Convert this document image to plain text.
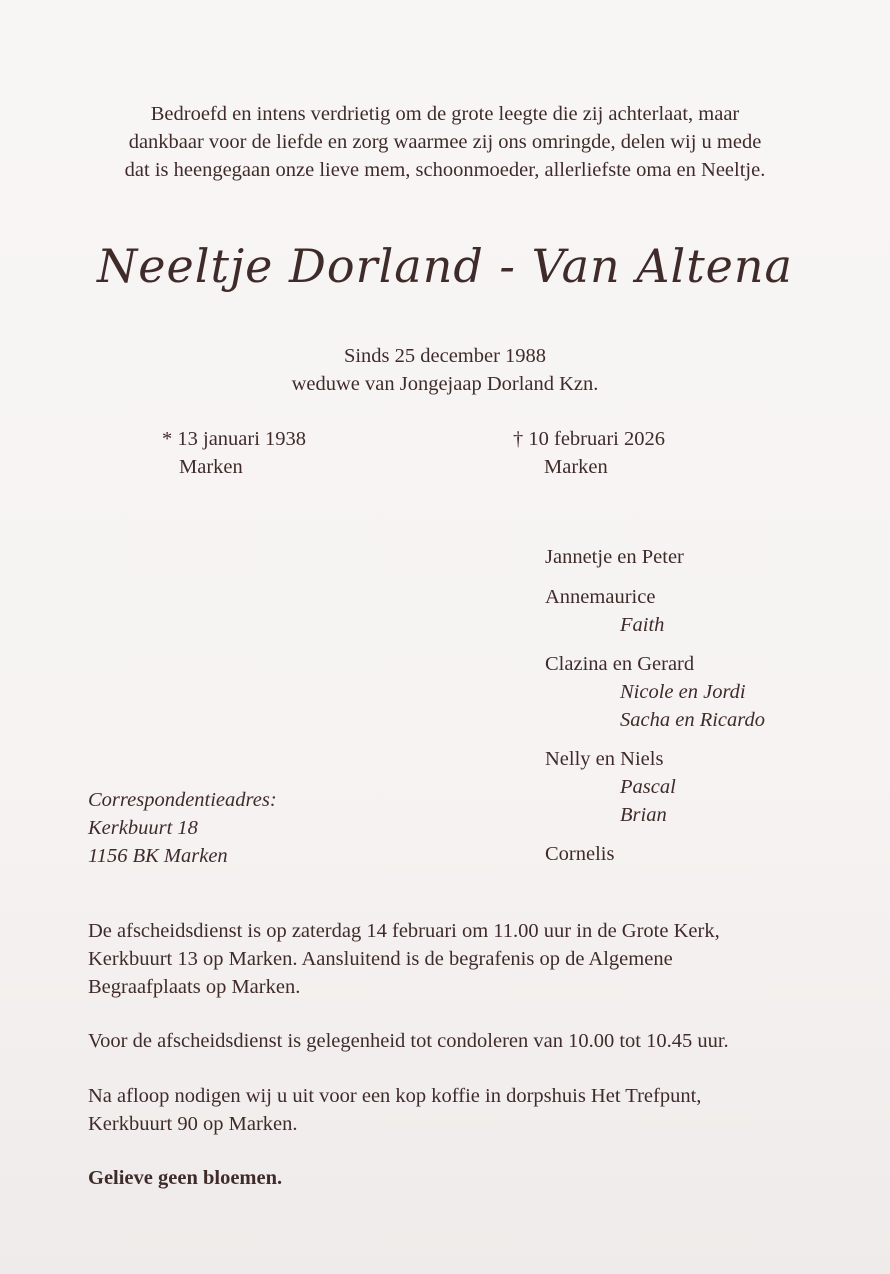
Bedroefd en intens verdrietig om de grote leegte die zij achterlaat, maar
dankbaar voor de liefde en zorg waarmee zij ons omringde, delen wij u mede
dat is heengegaan onze lieve mem, schoonmoeder, allerliefste oma en Neeltje.
Neeltje Dorland - Van Altena
Sinds 25 december 1988
weduwe van Jongejaap Dorland Kzn.
* 13 januari 1938
Marken
† 10 februari 2026
Marken
Jannetje en Peter
Annemaurice
Faith
Clazina en Gerard
Nicole en Jordi
Sacha en Ricardo
Nelly en Niels
Pascal
Brian
Cornelis
Correspondentieadres:
Kerkbuurt 18
1156 BK Marken
De afscheidsdienst is op zaterdag 14 februari om 11.00 uur in de Grote Kerk,
Kerkbuurt 13 op Marken. Aansluitend is de begrafenis op de Algemene
Begraafplaats op Marken.
Voor de afscheidsdienst is gelegenheid tot condoleren van 10.00 tot 10.45 uur.
Na afloop nodigen wij u uit voor een kop koffie in dorpshuis Het Trefpunt,
Kerkbuurt 90 op Marken.
Gelieve geen bloemen.
